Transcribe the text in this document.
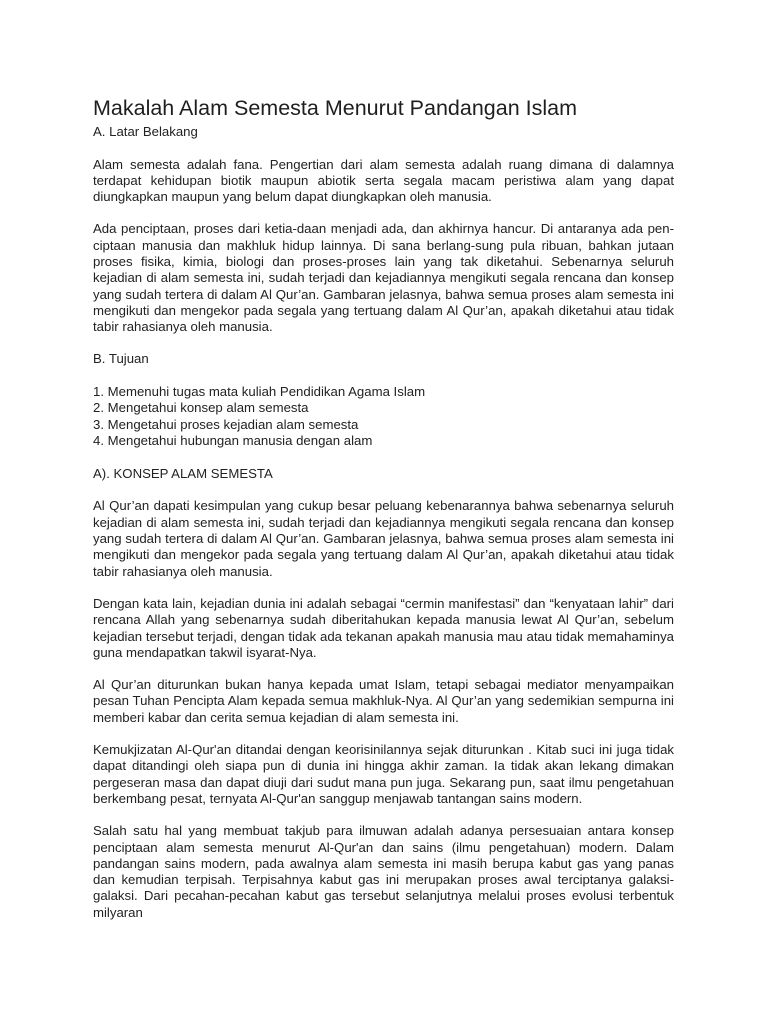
Makalah Alam Semesta Menurut Pandangan Islam

A. Latar Belakang

Alam semesta adalah fana. Pengertian dari alam semesta adalah ruang dimana di dalamnya terdapat kehidupan biotik maupun abiotik serta segala macam peristiwa alam yang dapat diungkapkan maupun yang belum dapat diungkapkan oleh manusia.

Ada penciptaan, proses dari ketia-daan menjadi ada, dan akhirnya hancur. Di antaranya ada pen-ciptaan manusia dan makhluk hidup lainnya. Di sana berlang-sung pula ribuan, bahkan jutaan proses fisika, kimia, biologi dan proses-proses lain yang tak diketahui. Sebenarnya seluruh kejadian di alam semesta ini, sudah terjadi dan kejadiannya mengikuti segala rencana dan konsep yang sudah tertera di dalam Al Qur’an. Gambaran jelasnya, bahwa semua proses alam semesta ini mengikuti dan mengekor pada segala yang tertuang dalam Al Qur’an, apakah diketahui atau tidak tabir rahasianya oleh manusia.

B. Tujuan

1. Memenuhi tugas mata kuliah Pendidikan Agama Islam
2. Mengetahui konsep alam semesta
3. Mengetahui proses kejadian alam semesta
4. Mengetahui hubungan manusia dengan alam

A). KONSEP ALAM SEMESTA

Al Qur’an dapati kesimpulan yang cukup besar peluang kebenarannya bahwa sebenarnya seluruh kejadian di alam semesta ini, sudah terjadi dan kejadiannya mengikuti segala rencana dan konsep yang sudah tertera di dalam Al Qur’an. Gambaran jelasnya, bahwa semua proses alam semesta ini mengikuti dan mengekor pada segala yang tertuang dalam Al Qur’an, apakah diketahui atau tidak tabir rahasianya oleh manusia.

Dengan kata lain, kejadian dunia ini adalah sebagai “cermin manifestasi” dan “kenyataan lahir” dari rencana Allah yang sebenarnya sudah diberitahukan kepada manusia lewat Al Qur’an, sebelum kejadian tersebut terjadi, dengan tidak ada tekanan apakah manusia mau atau tidak memahaminya guna mendapatkan takwil isyarat-Nya.

Al Qur’an diturunkan bukan hanya kepada umat Islam, tetapi sebagai mediator menyampaikan pesan Tuhan Pencipta Alam kepada semua makhluk-Nya. Al Qur’an yang sedemikian sempurna ini memberi kabar dan cerita semua kejadian di alam semesta ini.

Kemukjizatan Al-Qur'an ditandai dengan keorisinilannya sejak diturunkan . Kitab suci ini juga tidak dapat ditandingi oleh siapa pun di dunia ini hingga akhir zaman. Ia tidak akan lekang dimakan pergeseran masa dan dapat diuji dari sudut mana pun juga. Sekarang pun, saat ilmu pengetahuan berkembang pesat, ternyata Al-Qur'an sanggup menjawab tantangan sains modern.

Salah satu hal yang membuat takjub para ilmuwan adalah adanya persesuaian antara konsep penciptaan alam semesta menurut Al-Qur'an dan sains (ilmu pengetahuan) modern. Dalam pandangan sains modern, pada awalnya alam semesta ini masih berupa kabut gas yang panas dan kemudian terpisah. Terpisahnya kabut gas ini merupakan proses awal terciptanya galaksi-galaksi. Dari pecahan-pecahan kabut gas tersebut selanjutnya melalui proses evolusi terbentuk milyaran
